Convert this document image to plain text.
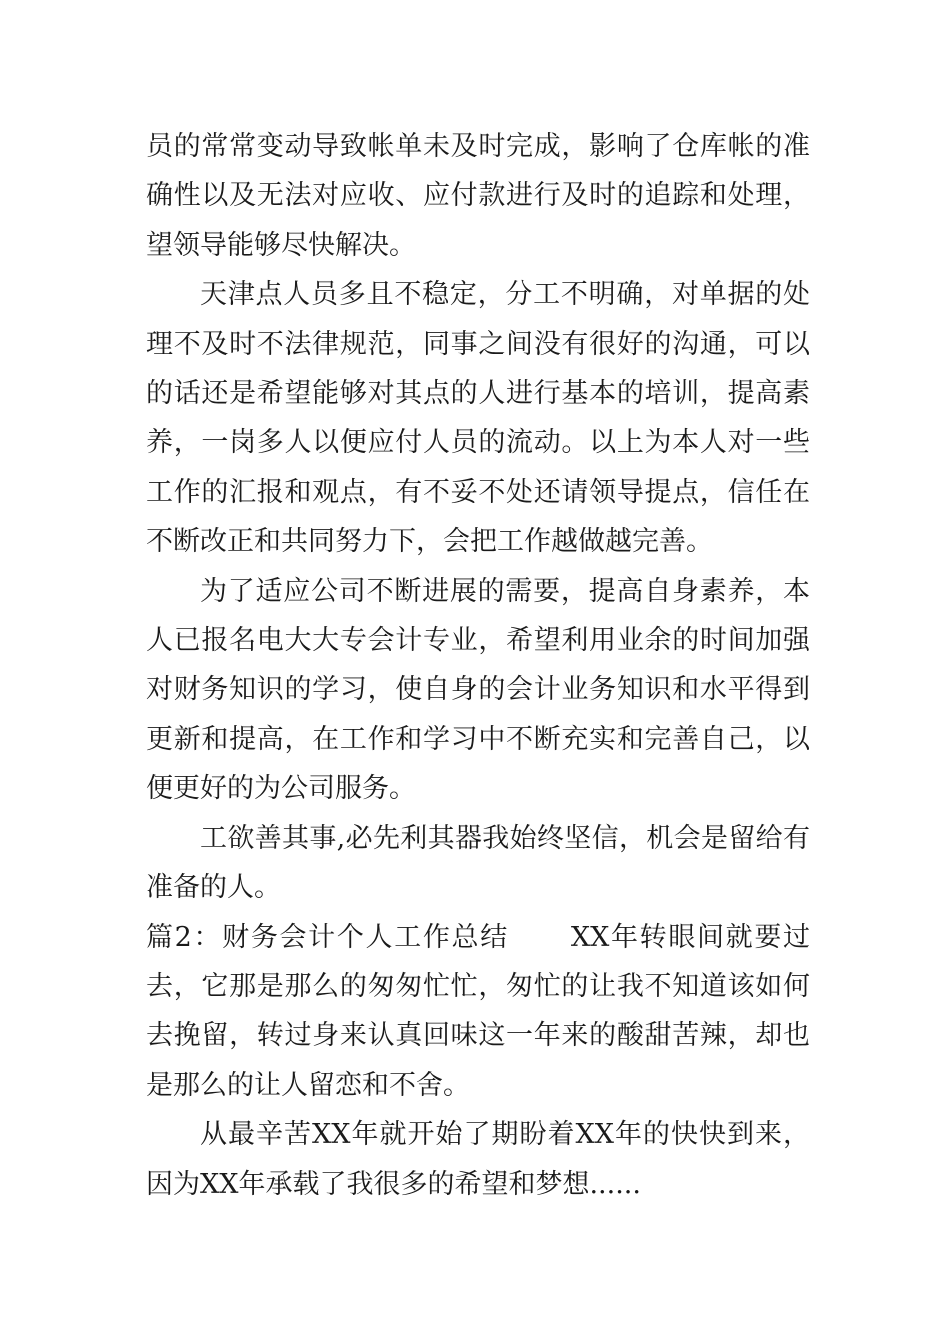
员的常常变动导致帐单未及时完成，影响了仓库帐的准确性以及无法对应收、应付款进行及时的追踪和处理，望领导能够尽快解决。

天津点人员多且不稳定，分工不明确，对单据的处理不及时不法律规范，同事之间没有很好的沟通，可以的话还是希望能够对其点的人进行基本的培训，提高素养，一岗多人以便应付人员的流动。以上为本人对一些工作的汇报和观点，有不妥不处还请领导提点，信任在不断改正和共同努力下，会把工作越做越完善。

为了适应公司不断进展的需要，提高自身素养，本人已报名电大大专会计专业，希望利用业余的时间加强对财务知识的学习，使自身的会计业务知识和水平得到更新和提高，在工作和学习中不断充实和完善自己，以便更好的为公司服务。

工欲善其事,必先利其器我始终坚信，机会是留给有准备的人。

篇2：财务会计个人工作总结 XX年转眼间就要过去，它那是那么的匆匆忙忙，匆忙的让我不知道该如何去挽留，转过身来认真回味这一年来的酸甜苦辣，却也是那么的让人留恋和不舍。

从最辛苦XX年就开始了期盼着XX年的快快到来，因为XX年承载了我很多的希望和梦想......
